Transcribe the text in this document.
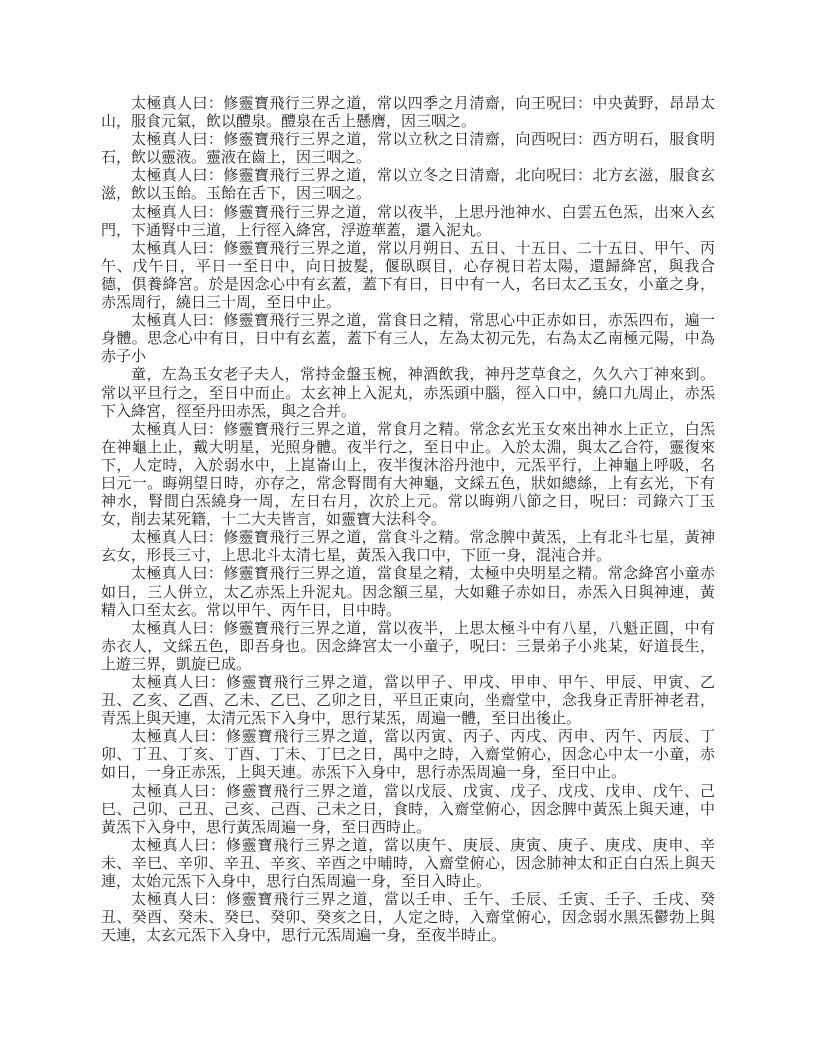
太極真人曰：修靈寶飛行三界之道，常以四季之月清齋，向王呪曰：中央黃野，昂昂太山，服食元氣，飲以醴泉。醴泉在舌上懸膺，因三咽之。

太極真人曰：修靈寶飛行三界之道，常以立秋之日清齋，向西呪曰：西方明石，服食明石，飲以靈液。靈液在齒上，因三咽之。

太極真人曰：修靈寶飛行三界之道，常以立冬之日清齋，北向呪曰：北方玄滋，服食玄滋，飲以玉飴。玉飴在舌下，因三咽之。

太極真人曰：修靈寶飛行三界之道，常以夜半，上思丹池神水、白雲五色炁，出來入玄門，下通腎中三道，上行徑入絳宮，浮遊華蓋，還入泥丸。

太極真人曰：修靈寶飛行三界之道，常以月朔日、五日、十五日、二十五日、甲午、丙午、戊午日，平日一至日中，向日披髮，偃臥暝目，心存視日若太陽，還歸絳宮，與我合德，俱養絳宮。於是因念心中有玄蓋，蓋下有日，日中有一人，名曰太乙玉女，小童之身，赤炁周行，繞日三十周，至日中止。

太極真人曰：修靈寶飛行三界之道，當食日之精，常思心中正赤如日，赤炁四布，遍一身體。思念心中有日，日中有玄蓋，蓋下有三人，左為太初元先，右為太乙南極元陽，中為赤子小

童，左為玉女老子夫人，常持金盤玉椀，神酒飲我，神丹芝草食之，久久六丁神來到。常以平旦行之，至日中而止。太玄神上入泥丸，赤炁頭中腦，徑入口中，繞口九周止，赤炁下入絳宮，徑至丹田赤炁，與之合并。

太極真人曰：修靈寶飛行三界之道，常食月之精。常念玄光玉女來出神水上正立，白炁在神龜上止，戴大明星，光照身體。夜半行之，至日中止。入於太淵，與太乙合符，靈復來下，人定時，入於弱水中，上崑崙山上，夜半復沐浴丹池中，元炁平行，上神龜上呼吸，名曰元一。晦朔望日時，亦存之，常念腎間有大神龜，文綵五色，狀如總絲，上有玄光，下有神水，腎間白炁繞身一周，左日右月，次於上元。常以晦朔八節之日，呪曰：司錄六丁玉女，削去某死籍，十二大夫皆言，如靈寶大法科令。

太極真人曰：修靈寶飛行三界之道，當食斗之精。常念脾中黃炁，上有北斗七星，黃神玄女，形長三寸，上思北斗太清七星，黃炁入我口中，下匝一身，混沌合并。

太極真人曰：修靈寶飛行三界之道，當食星之精，太極中央明星之精。常念絳宮小童赤如日，三人併立，太乙赤炁上升泥丸。因念額三星，大如雞子赤如日，赤炁入日與神連，黃精入口至太玄。常以甲午、丙午日，日中時。

太極真人曰：修靈寶飛行三界之道，當以夜半，上思太極斗中有八星，八魁正圓，中有赤衣人，文綵五色，即吾身也。因念絳宮太一小童子，呪曰：三景弟子小兆某，好道長生，上遊三界，凱旋已成。

太極真人曰：修靈寶飛行三界之道，當以甲子、甲戌、甲申、甲午、甲辰、甲寅、乙丑、乙亥、乙酉、乙未、乙巳、乙卯之日，平旦正東向，坐齋堂中，念我身正青肝神老君，青炁上與天連，太清元炁下入身中，思行某炁，周遍一體，至日出後止。

太極真人曰：修靈寶飛行三界之道，當以丙寅、丙子、丙戌、丙申、丙午、丙辰、丁卯、丁丑、丁亥、丁酉、丁未、丁巳之日，禺中之時，入齋堂俯心，因念心中太一小童，赤如日，一身正赤炁，上與天連。赤炁下入身中，思行赤炁周遍一身，至日中止。

太極真人曰：修靈寶飛行三界之道，當以戊辰、戊寅、戊子、戊戌、戊申、戊午、己巳、己卯、己丑、己亥、己酉、己未之日，食時，入齋堂俯心，因念脾中黃炁上與天連，中黃炁下入身中，思行黃炁周遍一身，至日西時止。

太極真人曰：修靈寶飛行三界之道，當以庚午、庚辰、庚寅、庚子、庚戌、庚申、辛未、辛巳、辛卯、辛丑、辛亥、辛酉之中晡時，入齋堂俯心，因念肺神太和正白白炁上與天連，太始元炁下入身中，思行白炁周遍一身，至日入時止。

太極真人曰：修靈寶飛行三界之道，當以壬申、壬午、壬辰、壬寅、壬子、壬戌、癸丑、癸酉、癸未、癸巳、癸卯、癸亥之日，人定之時，入齋堂俯心，因念弱水黑炁鬱勃上與天連，太玄元炁下入身中，思行元炁周遍一身，至夜半時止。
